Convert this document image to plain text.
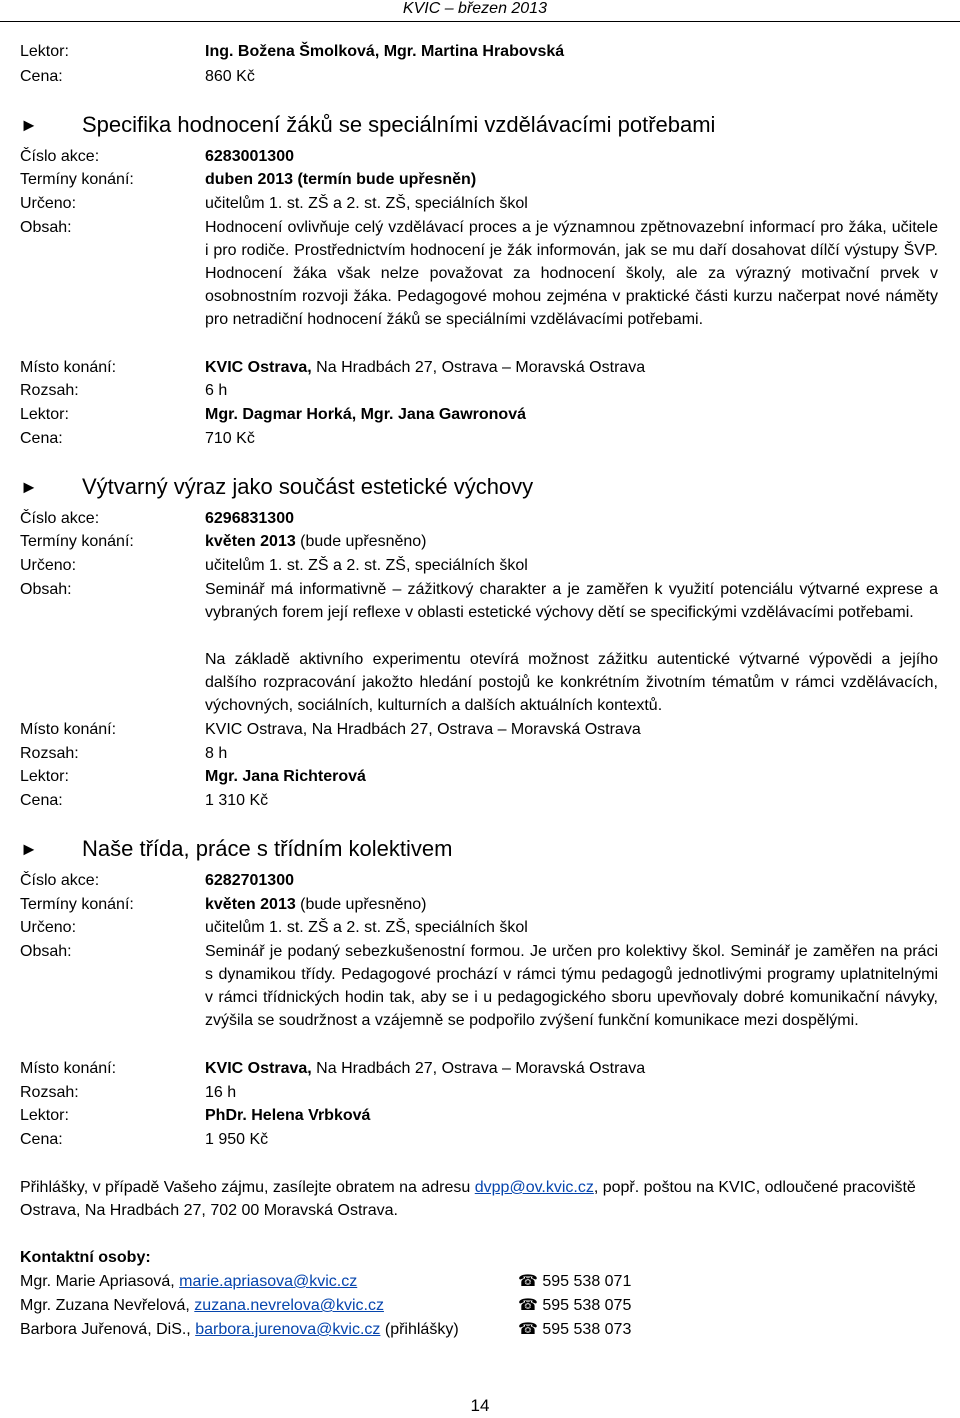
KVIC – březen 2013
Lektor:	Ing. Božena Šmolková, Mgr. Martina Hrabovská
Cena:	860 Kč
► Specifika hodnocení žáků se speciálními vzdělávacími potřebami
Číslo akce:	6283001300
Termíny konání:	duben 2013 (termín bude upřesněn)
Určeno:	učitelům 1. st. ZŠ a 2. st. ZŠ, speciálních škol
Obsah:	Hodnocení ovlivňuje celý vzdělávací proces a je významnou zpětnovazební informací pro žáka, učitele i pro rodiče. Prostřednictvím hodnocení je žák informován, jak se mu daří dosahovat dílčí výstupy ŠVP. Hodnocení žáka však nelze považovat za hodnocení školy, ale za výrazný motivační prvek v osobnostním rozvoji žáka. Pedagogové mohou zejména v praktické části kurzu načerpat nové náměty pro netradiční hodnocení žáků se speciálními vzdělávacími potřebami.
Místo konání:	KVIC Ostrava, Na Hradbách 27, Ostrava – Moravská Ostrava
Rozsah:	6 h
Lektor:	Mgr. Dagmar Horká, Mgr. Jana Gawronová
Cena:	710 Kč
► Výtvarný výraz jako součást estetické výchovy
Číslo akce:	6296831300
Termíny konání:	květen 2013 (bude upřesněno)
Určeno:	učitelům 1. st. ZŠ a 2. st. ZŠ, speciálních škol
Obsah:	Seminář má informativně – zážitkový charakter a je zaměřen k využití potenciálu výtvarné exprese a vybraných forem její reflexe v oblasti estetické výchovy dětí se specifickými vzdělávacími potřebami.
Na základě aktivního experimentu otevírá možnost zážitku autentické výtvarné výpovědi a jejího dalšího rozpracování jakožto hledání postojů ke konkrétním životním tématům v rámci vzdělávacích, výchovných, sociálních, kulturních a dalších aktuálních kontextů.
Místo konání:	KVIC Ostrava, Na Hradbách 27, Ostrava – Moravská Ostrava
Rozsah:	8 h
Lektor:	Mgr. Jana Richterová
Cena:	1 310 Kč
► Naše třída, práce s třídním kolektivem
Číslo akce:	6282701300
Termíny konání:	květen 2013 (bude upřesněno)
Určeno:	učitelům 1. st. ZŠ a 2. st. ZŠ, speciálních škol
Obsah:	Seminář je podaný sebezkušenostní formou. Je určen pro kolektivy škol. Seminář je zaměřen na práci s dynamikou třídy. Pedagogové prochází v rámci týmu pedagogů jednotlivými programy uplatnitelnými v rámci třídnických hodin tak, aby se i u pedagogického sboru upevňovaly dobré komunikační návyky, zvýšila se soudržnost a vzájemně se podpořilo zvýšení funkční komunikace mezi dospělými.
Místo konání:	KVIC Ostrava, Na Hradbách 27, Ostrava – Moravská Ostrava
Rozsah:	16 h
Lektor:	PhDr. Helena Vrbková
Cena:	1 950 Kč
Přihlášky, v případě Vašeho zájmu, zasílejte obratem na adresu dvpp@ov.kvic.cz, popř. poštou na KVIC, odloučené pracoviště Ostrava, Na Hradbách 27, 702 00 Moravská Ostrava.
Kontaktní osoby:
Mgr. Marie Apriasová, marie.apriasova@kvic.cz	☎ 595 538 071
Mgr. Zuzana Nevřelová, zuzana.nevrelova@kvic.cz	☎ 595 538 075
Barbora Juřenová, DiS., barbora.jurenova@kvic.cz (přihlášky)	☎ 595 538 073
14
